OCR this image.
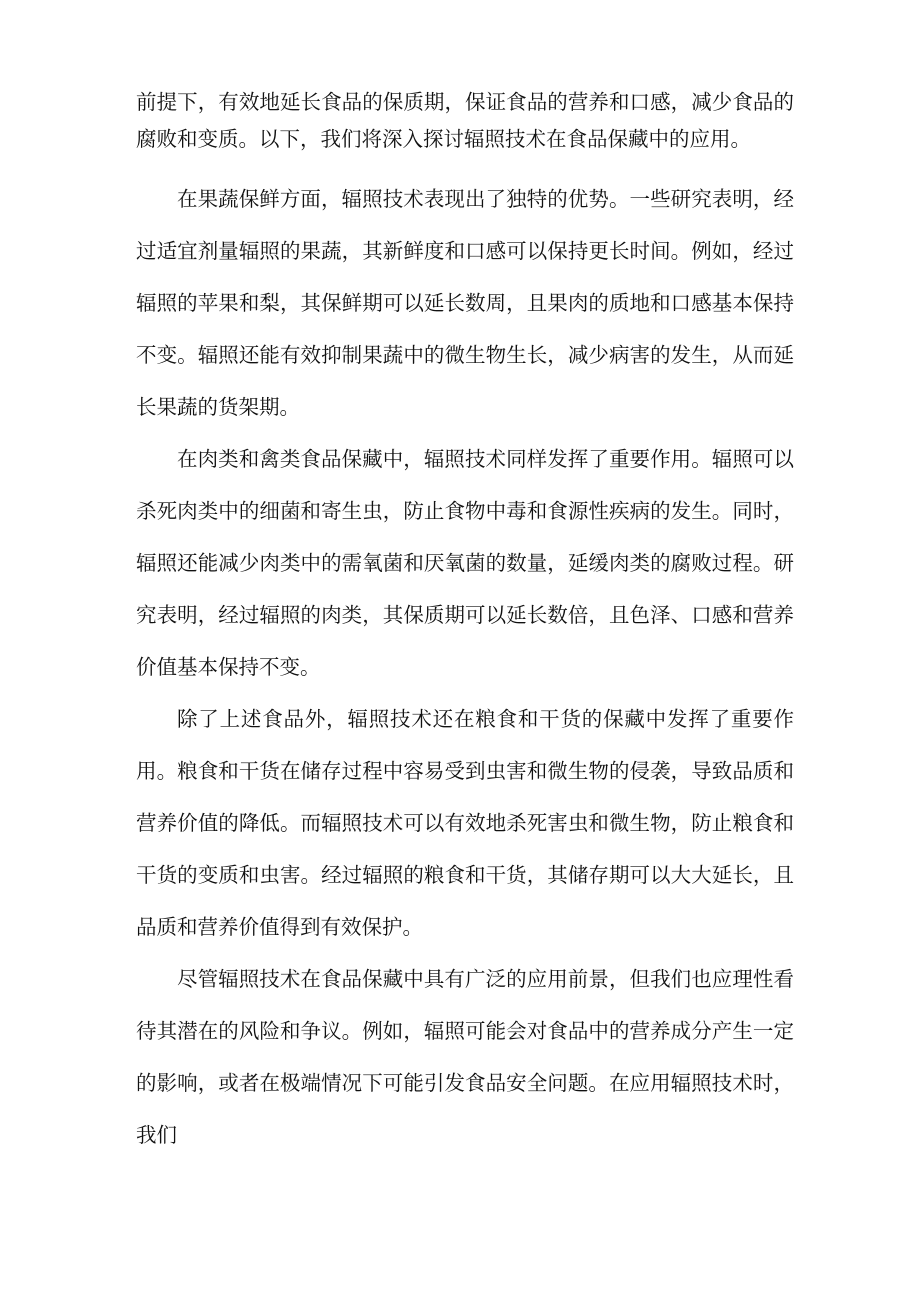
前提下，有效地延长食品的保质期，保证食品的营养和口感，减少食品的腐败和变质。以下，我们将深入探讨辐照技术在食品保藏中的应用。

在果蔬保鲜方面，辐照技术表现出了独特的优势。一些研究表明，经过适宜剂量辐照的果蔬，其新鲜度和口感可以保持更长时间。例如，经过辐照的苹果和梨，其保鲜期可以延长数周，且果肉的质地和口感基本保持不变。辐照还能有效抑制果蔬中的微生物生长，减少病害的发生，从而延长果蔬的货架期。

在肉类和禽类食品保藏中，辐照技术同样发挥了重要作用。辐照可以杀死肉类中的细菌和寄生虫，防止食物中毒和食源性疾病的发生。同时，辐照还能减少肉类中的需氧菌和厌氧菌的数量，延缓肉类的腐败过程。研究表明，经过辐照的肉类，其保质期可以延长数倍，且色泽、口感和营养价值基本保持不变。

除了上述食品外，辐照技术还在粮食和干货的保藏中发挥了重要作用。粮食和干货在储存过程中容易受到虫害和微生物的侵袭，导致品质和营养价值的降低。而辐照技术可以有效地杀死害虫和微生物，防止粮食和干货的变质和虫害。经过辐照的粮食和干货，其储存期可以大大延长，且品质和营养价值得到有效保护。

尽管辐照技术在食品保藏中具有广泛的应用前景，但我们也应理性看待其潜在的风险和争议。例如，辐照可能会对食品中的营养成分产生一定的影响，或者在极端情况下可能引发食品安全问题。在应用辐照技术时，我们
